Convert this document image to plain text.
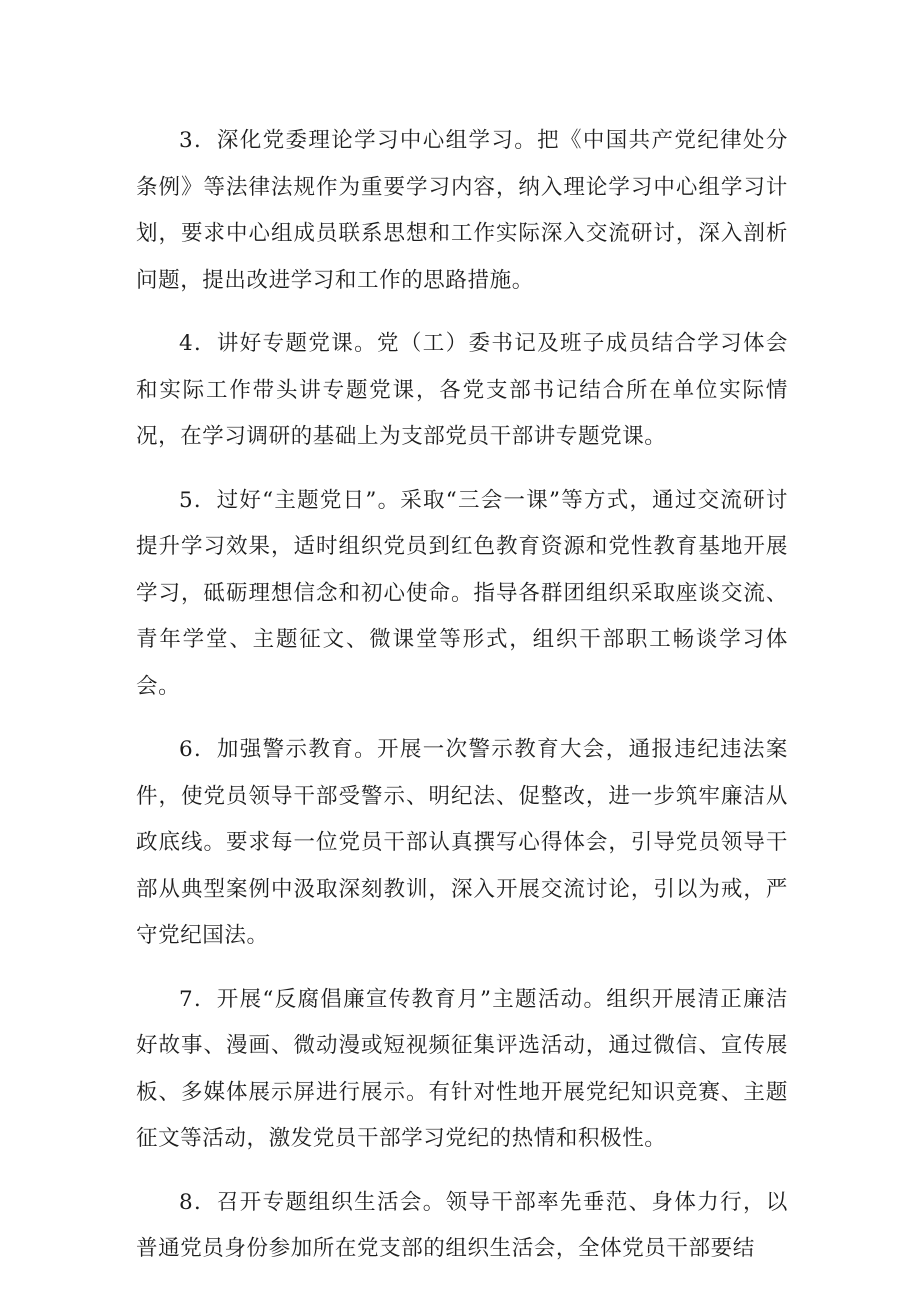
3．深化党委理论学习中心组学习。把《中国共产党纪律处分条例》等法律法规作为重要学习内容，纳入理论学习中心组学习计划，要求中心组成员联系思想和工作实际深入交流研讨，深入剖析问题，提出改进学习和工作的思路措施。

4．讲好专题党课。党（工）委书记及班子成员结合学习体会和实际工作带头讲专题党课，各党支部书记结合所在单位实际情况，在学习调研的基础上为支部党员干部讲专题党课。

5．过好“主题党日”。采取“三会一课”等方式，通过交流研讨提升学习效果，适时组织党员到红色教育资源和党性教育基地开展学习，砥砺理想信念和初心使命。指导各群团组织采取座谈交流、青年学堂、主题征文、微课堂等形式，组织干部职工畅谈学习体会。

6．加强警示教育。开展一次警示教育大会，通报违纪违法案件，使党员领导干部受警示、明纪法、促整改，进一步筑牢廉洁从政底线。要求每一位党员干部认真撰写心得体会，引导党员领导干部从典型案例中汲取深刻教训，深入开展交流讨论，引以为戒，严守党纪国法。

7．开展“反腐倡廉宣传教育月”主题活动。组织开展清正廉洁好故事、漫画、微动漫或短视频征集评选活动，通过微信、宣传展板、多媒体展示屏进行展示。有针对性地开展党纪知识竞赛、主题征文等活动，激发党员干部学习党纪的热情和积极性。

8．召开专题组织生活会。领导干部率先垂范、身体力行，以普通党员身份参加所在党支部的组织生活会，全体党员干部要结
